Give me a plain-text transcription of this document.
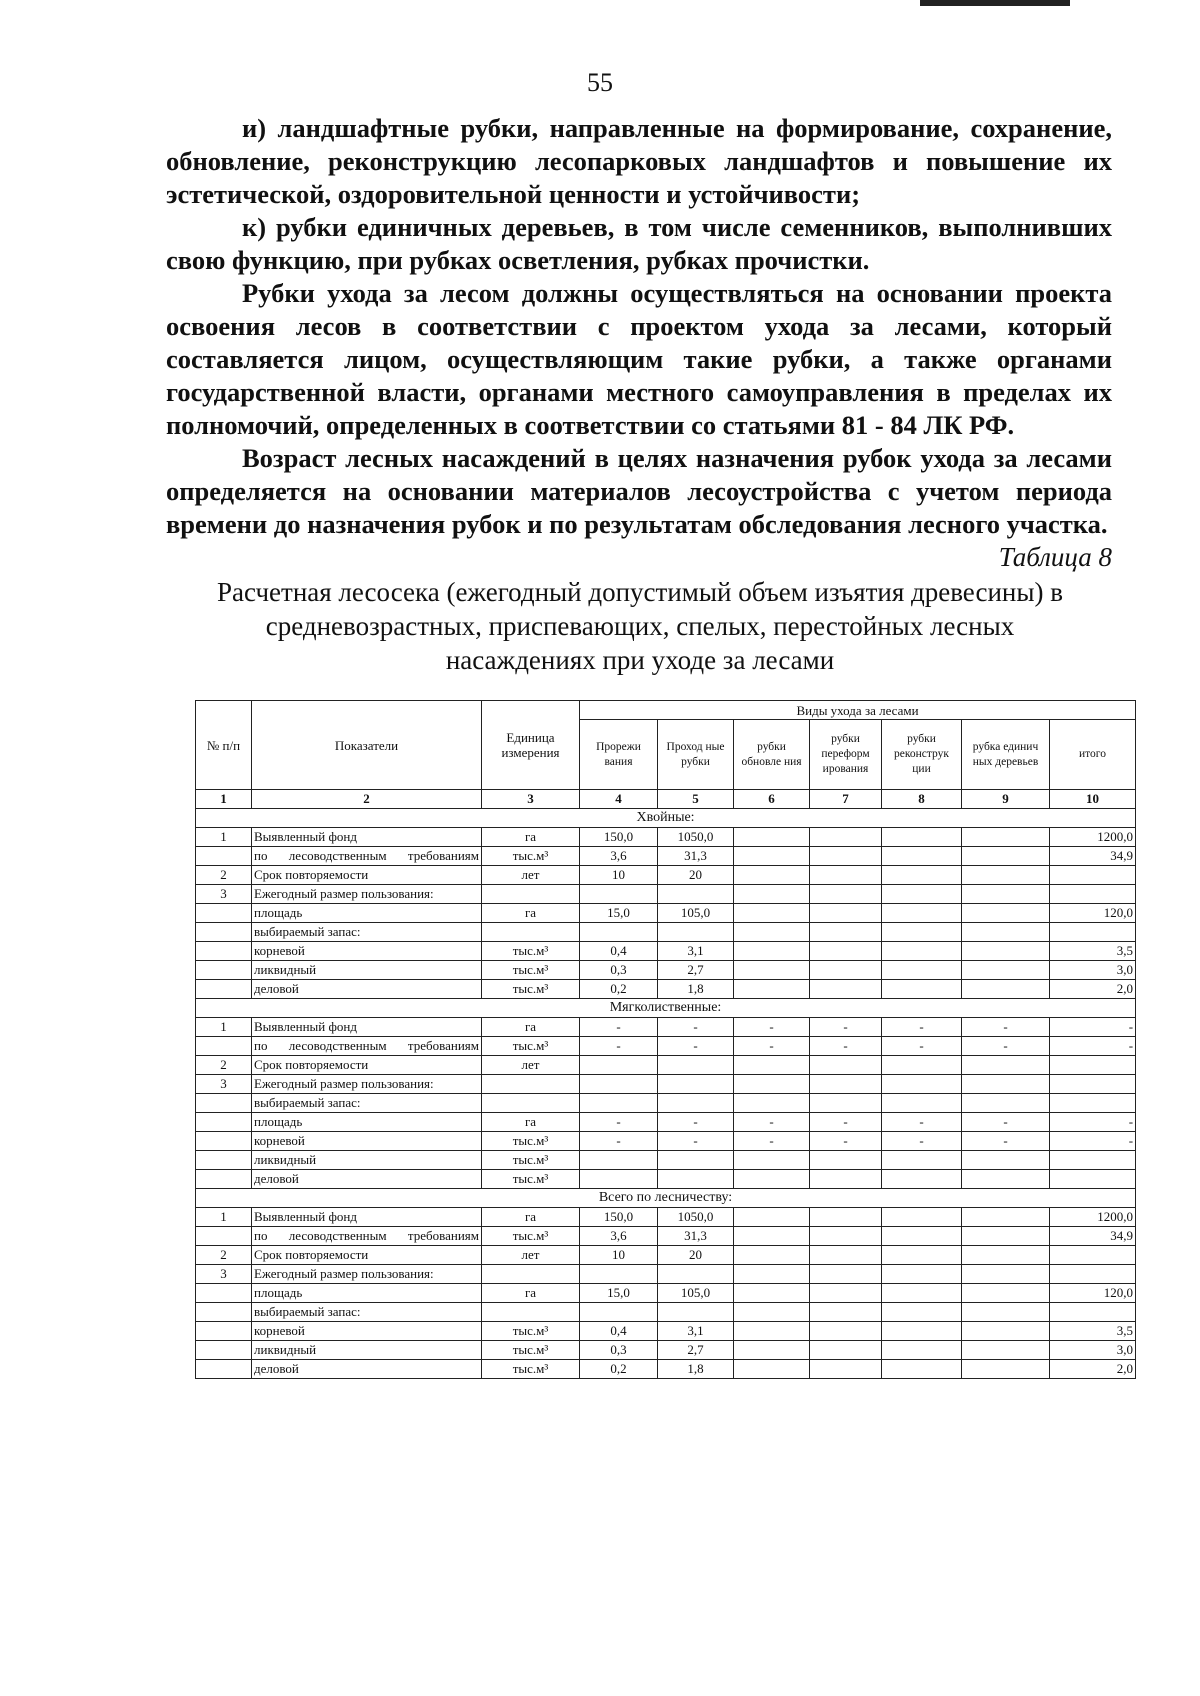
55

и) ландшафтные рубки, направленные на формирование, сохранение, обновление, реконструкцию лесопарковых ландшафтов и повышение их эстетической, оздоровительной ценности и устойчивости;

к) рубки единичных деревьев, в том числе семенников, выполнивших свою функцию, при рубках осветления, рубках прочистки.

Рубки ухода за лесом должны осуществляться на основании проекта освоения лесов в соответствии с проектом ухода за лесами, который составляется лицом, осуществляющим такие рубки, а также органами государственной власти, органами местного самоуправления в пределах их полномочий, определенных в соответствии со статьями 81 - 84 ЛК РФ.

Возраст лесных насаждений в целях назначения рубок ухода за лесами определяется на основании материалов лесоустройства с учетом периода времени до назначения рубок и по результатам обследования лесного участка.

Таблица 8
Расчетная лесосека (ежегодный допустимый объем изъятия древесины) в средневозрастных, приспевающих, спелых, перестойных лесных насаждениях при уходе за лесами
№ п/п	Показатели	Единица измерения	Виды ухода за лесами						
			Прорежи вания	Проход ные рубки	рубки обновле ния	рубки переформ ирования	рубки реконструк ции	рубка единич ных деревьев	итого
1	2	3	4	5	6	7	8	9	10
Хвойные:									
1	Выявленный фонд	га	150,0	1050,0					1200,0
	по лесоводственным требованиям	тыс.м³	3,6	31,3					34,9
2	Срок повторяемости	лет	10	20					
3	Ежегодный размер пользования:								
	площадь	га	15,0	105,0					120,0
	выбираемый запас:								
	корневой	тыс.м³	0,4	3,1					3,5
	ликвидный	тыс.м³	0,3	2,7					3,0
	деловой	тыс.м³	0,2	1,8					2,0
Мягколиственные:									
1	Выявленный фонд	га	-	-	-	-	-	-	-
	по лесоводственным требованиям	тыс.м³	-	-	-	-	-	-	-
2	Срок повторяемости	лет							
3	Ежегодный размер пользования:								
	выбираемый запас:								
	площадь	га	-	-	-	-	-	-	-
	корневой	тыс.м³	-	-	-	-	-	-	-
	ликвидный	тыс.м³							
	деловой	тыс.м³							
Всего по лесничеству:									
1	Выявленный фонд	га	150,0	1050,0					1200,0
	по лесоводственным требованиям	тыс.м³	3,6	31,3					34,9
2	Срок повторяемости	лет	10	20					
3	Ежегодный размер пользования:								
	площадь	га	15,0	105,0					120,0
	выбираемый запас:								
	корневой	тыс.м³	0,4	3,1					3,5
	ликвидный	тыс.м³	0,3	2,7					3,0
	деловой	тыс.м³	0,2	1,8					2,0
